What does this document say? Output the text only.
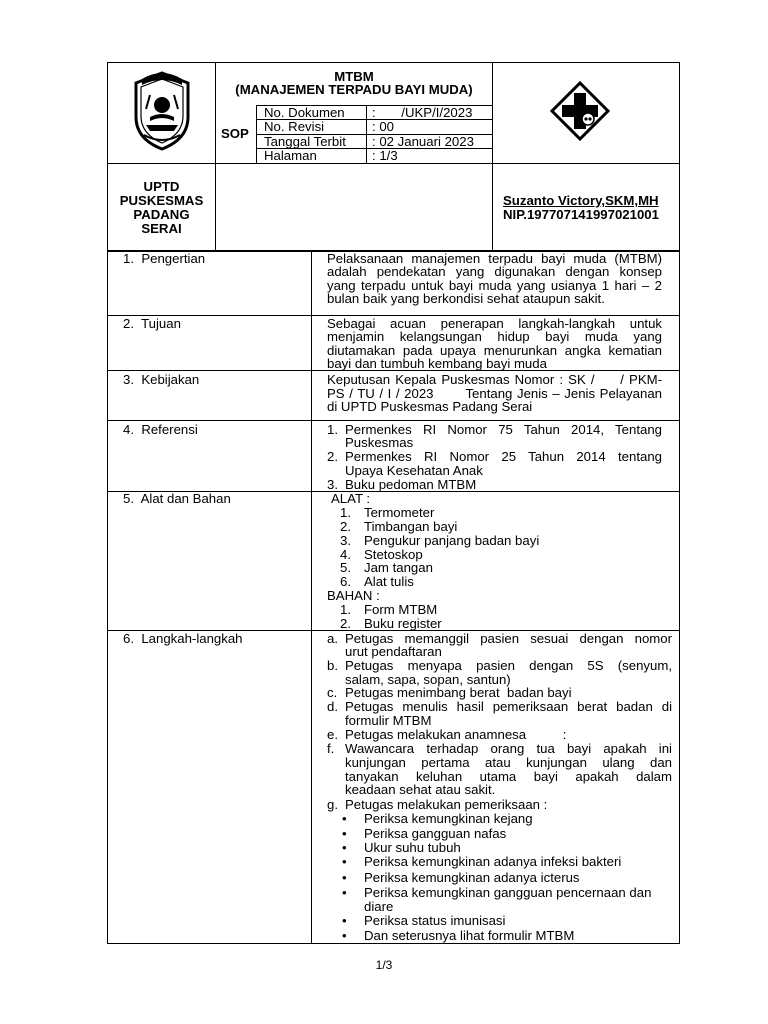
MTBM
(MANAJEMEN TERPADU BAYI MUDA)
SOP
No. Dokumen :       /UKP/I/2023
No. Revisi	: 00
Tanggal Terbit : 02 Januari 2023
Halaman	: 1/3
UPTD
PUSKESMAS
PADANG
SERAI
Suzanto Victory,SKM,MH
NIP.197707141997021001
1.  Pengertian	Pelaksanaan manajemen terpadu bayi muda (MTBM)
adalah pendekatan yang digunakan dengan konsep
yang terpadu untuk bayi muda yang usianya 1 hari – 2
bulan baik yang berkondisi sehat ataupun sakit.
2.  Tujuan	Sebagai acuan penerapan langkah-langkah untuk
menjamin kelangsungan hidup bayi muda yang
diutamakan pada upaya menurunkan angka kematian
bayi dan tumbuh kembang bayi muda
3.  Kebijakan	Keputusan Kepala Puskesmas Nomor : SK /     / PKM-
PS / TU / I / 2023       Tentang Jenis – Jenis Pelayanan
di UPTD Puskesmas Padang Serai
4.  Referensi	1. Permenkes RI Nomor 75 Tahun 2014, Tentang
Puskesmas
2. Permenkes RI Nomor 25 Tahun 2014 tentang
Upaya Kesehatan Anak
3. Buku pedoman MTBM
5.  Alat dan Bahan	ALAT :
1. Termometer
2. Timbangan bayi
3. Pengukur panjang badan bayi
4. Stetoskop
5. Jam tangan
6. Alat tulis
BAHAN :
1. Form MTBM
2. Buku register
6.  Langkah-langkah	a. Petugas memanggil pasien sesuai dengan nomor
urut pendaftaran
b. Petugas menyapa pasien dengan 5S (senyum,
salam, sapa, sopan, santun)
c. Petugas menimbang berat  badan bayi
d. Petugas menulis hasil pemeriksaan berat badan di
formulir MTBM
e. Petugas melakukan anamnesa          :
f. Wawancara terhadap orang tua bayi apakah ini
kunjungan pertama atau kunjungan ulang dan
tanyakan keluhan utama bayi apakah dalam
keadaan sehat atau sakit.
g. Petugas melakukan pemeriksaan :
• Periksa kemungkinan kejang
• Periksa gangguan nafas
• Ukur suhu tubuh
• Periksa kemungkinan adanya infeksi bakteri
• Periksa kemungkinan adanya icterus
• Periksa kemungkinan gangguan pencernaan dan
diare
• Periksa status imunisasi
• Dan seterusnya lihat formulir MTBM
1/3
